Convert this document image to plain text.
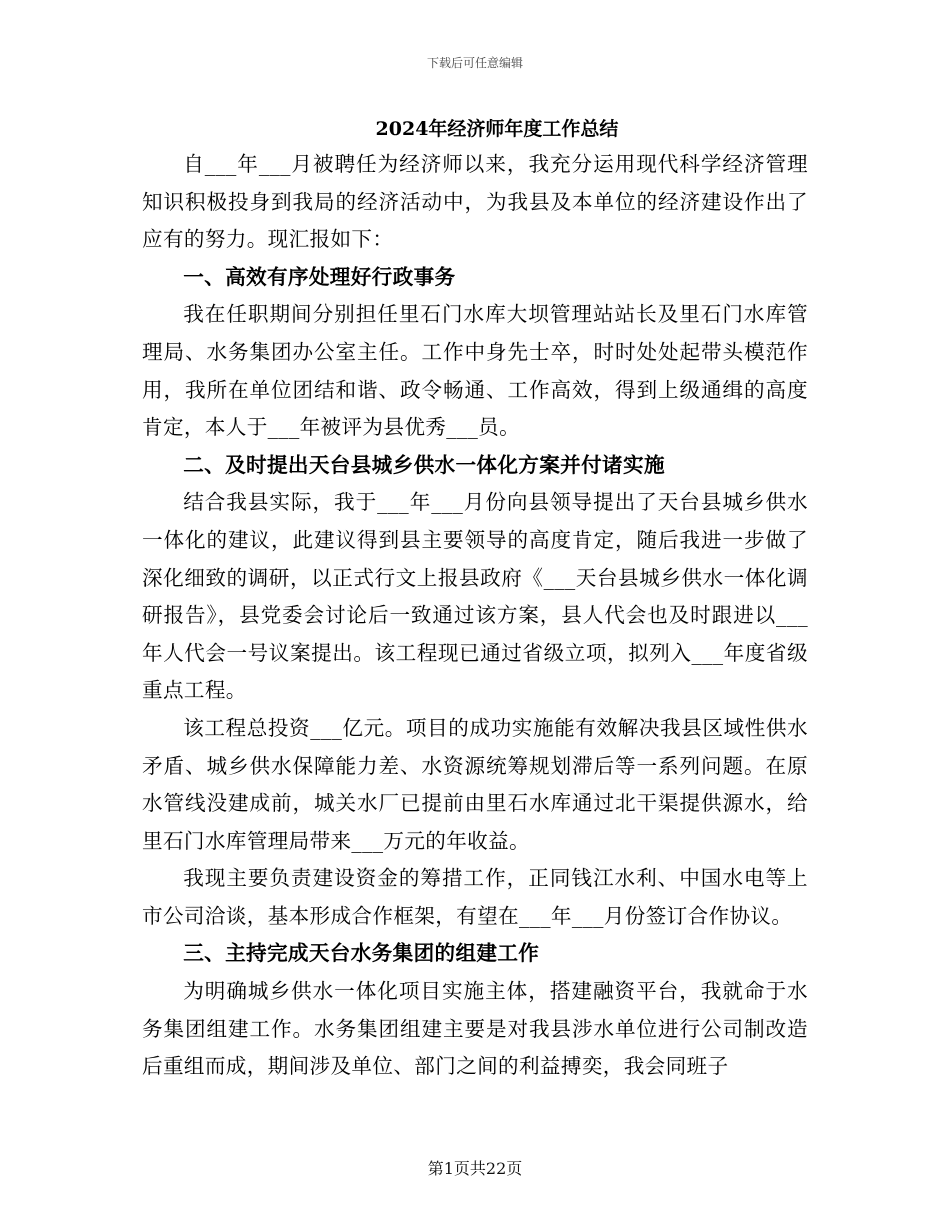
下载后可任意编辑
2024年经济师年度工作总结

自___年___月被聘任为经济师以来，我充分运用现代科学经济管理知识积极投身到我局的经济活动中，为我县及本单位的经济建设作出了应有的努力。现汇报如下：

一、高效有序处理好行政事务

我在任职期间分别担任里石门水库大坝管理站站长及里石门水库管理局、水务集团办公室主任。工作中身先士卒，时时处处起带头模范作用，我所在单位团结和谐、政令畅通、工作高效，得到上级通缉的高度肯定，本人于___年被评为县优秀___员。

二、及时提出天台县城乡供水一体化方案并付诸实施

结合我县实际，我于___年___月份向县领导提出了天台县城乡供水一体化的建议，此建议得到县主要领导的高度肯定，随后我进一步做了深化细致的调研，以正式行文上报县政府《___天台县城乡供水一体化调研报告》，县党委会讨论后一致通过该方案，县人代会也及时跟进以___年人代会一号议案提出。该工程现已通过省级立项，拟列入___年度省级重点工程。

该工程总投资___亿元。项目的成功实施能有效解决我县区域性供水矛盾、城乡供水保障能力差、水资源统筹规划滞后等一系列问题。在原水管线没建成前，城关水厂已提前由里石水库通过北干渠提供源水，给里石门水库管理局带来___万元的年收益。

我现主要负责建设资金的筹措工作，正同钱江水利、中国水电等上市公司洽谈，基本形成合作框架，有望在___年___月份签订合作协议。

三、主持完成天台水务集团的组建工作

为明确城乡供水一体化项目实施主体，搭建融资平台，我就命于水务集团组建工作。水务集团组建主要是对我县涉水单位进行公司制改造后重组而成，期间涉及单位、部门之间的利益搏奕，我会同班子

第1页共22页
